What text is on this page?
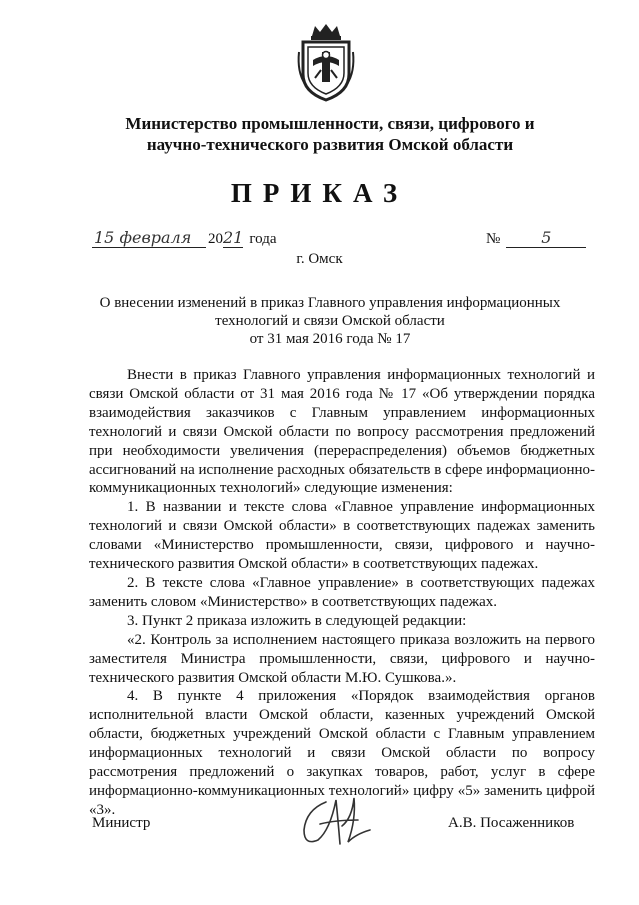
Министерство промышленности, связи, цифрового и
научно-технического развития Омской области
ПРИКАЗ
15 февраля 2021 года	№	5
г. Омск
О внесении изменений в приказ Главного управления информационных
технологий и связи Омской области
от 31 мая 2016 года № 17

Внести в приказ Главного управления информационных технологий и связи Омской области от 31 мая 2016 года № 17 «Об утверждении порядка взаимодействия заказчиков с Главным управлением информационных технологий и связи Омской области по вопросу рассмотрения предложений при необходимости увеличения (перераспределения) объемов бюджетных ассигнований на исполнение расходных обязательств в сфере информационно-коммуникационных технологий» следующие изменения:

1. В названии и тексте слова «Главное управление информационных технологий и связи Омской области» в соответствующих падежах заменить словами «Министерство промышленности, связи, цифрового и научно-технического развития Омской области» в соответствующих падежах.

2. В тексте слова «Главное управление» в соответствующих падежах заменить словом «Министерство» в соответствующих падежах.

3. Пункт 2 приказа изложить в следующей редакции:

«2. Контроль за исполнением настоящего приказа возложить на первого заместителя Министра промышленности, связи, цифрового и научно-технического развития Омской области М.Ю. Сушкова.».

4. В пункте 4 приложения «Порядок взаимодействия органов исполнительной власти Омской области, казенных учреждений Омской области, бюджетных учреждений Омской области с Главным управлением информационных технологий и связи Омской области по вопросу рассмотрения предложений о закупках товаров, работ, услуг в сфере информационно-коммуникационных технологий» цифру «5» заменить цифрой «3».

Министр	А.В. Посаженников
